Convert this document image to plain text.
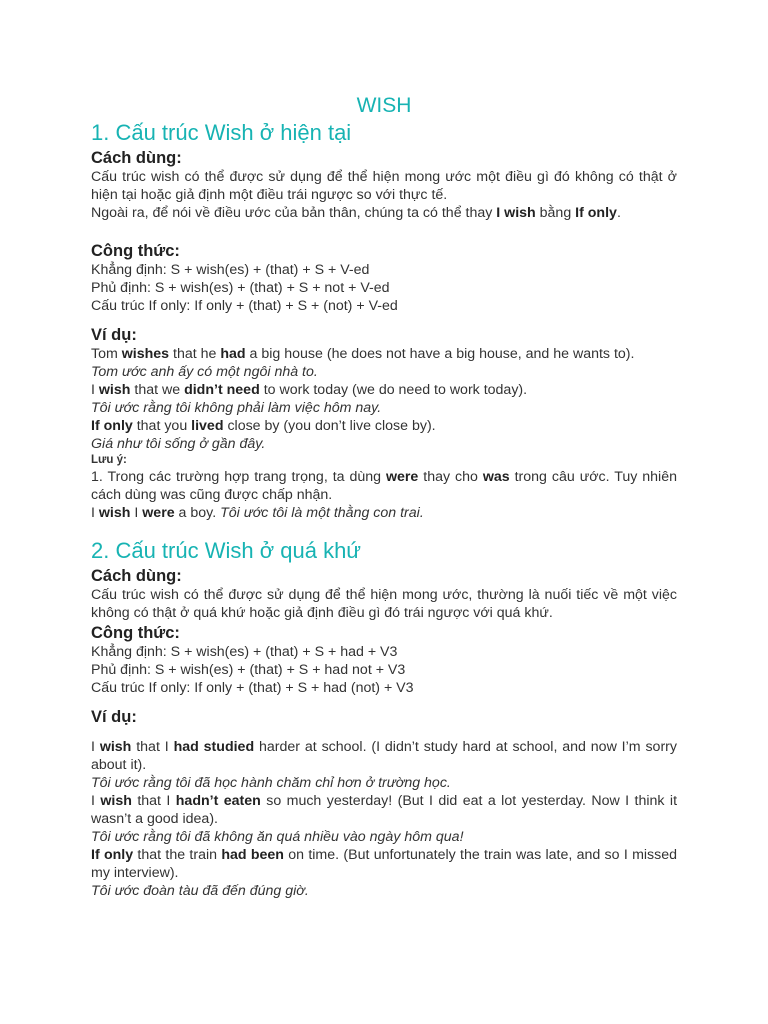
WISH
1. Cấu trúc Wish ở hiện tại
Cách dùng:

Cấu trúc wish có thể được sử dụng để thể hiện mong ước một điều gì đó không có thật ở hiện tại hoặc giả định một điều trái ngược so với thực tế.

Ngoài ra, để nói về điều ước của bản thân, chúng ta có thể thay I wish bằng If only.

Công thức:

Khẳng định: S + wish(es) + (that) + S + V-ed

Phủ định: S + wish(es) + (that) + S + not + V-ed

Cấu trúc If only: If only + (that) + S + (not) + V-ed

Ví dụ:

Tom wishes that he had a big house (he does not have a big house, and he wants to).

Tom ước anh ấy có một ngôi nhà to.

I wish that we didn’t need to work today (we do need to work today).

Tôi ước rằng tôi không phải làm việc hôm nay.

If only that you lived close by (you don’t live close by).

Giá như tôi sống ở gần đây.

Lưu ý:

1. Trong các trường hợp trang trọng, ta dùng were thay cho was trong câu ước. Tuy nhiên cách dùng was cũng được chấp nhận.

I wish I were a boy. Tôi ước tôi là một thằng con trai.

2. Cấu trúc Wish ở quá khứ
Cách dùng:

Cấu trúc wish có thể được sử dụng để thể hiện mong ước, thường là nuối tiếc về một việc không có thật ở quá khứ hoặc giả định điều gì đó trái ngược với quá khứ.

Công thức:

Khẳng định: S + wish(es) + (that) + S + had + V3

Phủ định: S + wish(es) + (that) + S + had not + V3

Cấu trúc If only: If only + (that) + S + had (not) + V3

Ví dụ:

I wish that I had studied harder at school. (I didn’t study hard at school, and now I’m sorry about it).

Tôi ước rằng tôi đã học hành chăm chỉ hơn ở trường học.

I wish that I hadn’t eaten so much yesterday! (But I did eat a lot yesterday. Now I think it wasn’t a good idea).

Tôi ước rằng tôi đã không ăn quá nhiều vào ngày hôm qua!

If only that the train had been on time. (But unfortunately the train was late, and so I missed my interview).

Tôi ước đoàn tàu đã đến đúng giờ.
